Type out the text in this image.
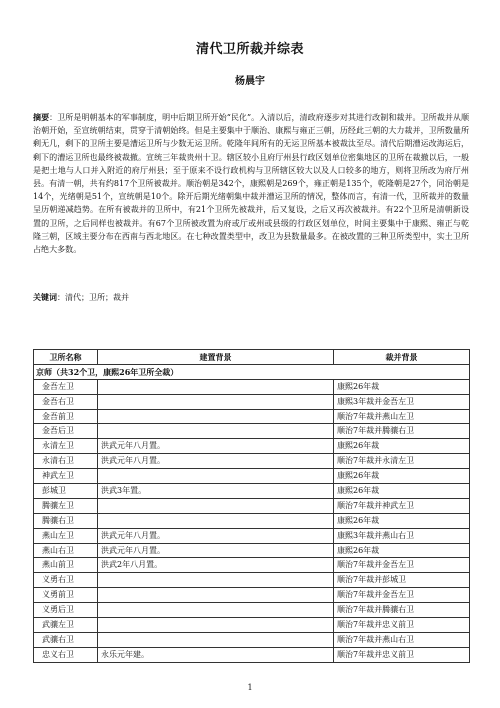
清代卫所裁并综表
杨晨宇

摘要：卫所是明朝基本的军事制度，明中后期卫所开始“民化”。入清以后，清政府逐步对其进行改制和裁并。卫所裁并从顺治朝开始，至宣统朝结束，贯穿于清朝始终。但是主要集中于顺治、康熙与雍正三朝，历经此三朝的大力裁并，卫所数量所剩无几，剩下的卫所主要是漕运卫所与少数无运卫所。乾隆年间所有的无运卫所基本被裁汰至尽。清代后期漕运改海运后，剩下的漕运卫所也最终被裁撤。宣统三年裁贵州十卫。辖区较小且府厅州县行政区划单位密集地区的卫所在裁撤以后，一般是把土地与人口并入附近的府厅州县；至于原来不设行政机构与卫所辖区较大以及人口较多的地方，则将卫所改为府厅州县。有清一朝，共有约817个卫所被裁并。顺治朝是342个，康熙朝是269个，雍正朝是135个，乾隆朝是27个，同治朝是14个，光绪朝是51个，宣统朝是10个。除开后期光绪朝集中裁并漕运卫所的情况，整体而言，有清一代，卫所裁并的数量呈历朝递减趋势。在所有被裁并的卫所中，有21个卫所先被裁并，后又复设，之后又再次被裁并。有22个卫所是清朝新设置的卫所，之后同样也被裁并。有67个卫所被改置为府或厅或州或县级的行政区划单位，时间主要集中于康熙、雍正与乾隆三朝，区域主要分布在西南与西北地区。在七种改置类型中，改卫为县数量最多。在被改置的三种卫所类型中，实土卫所占绝大多数。

关键词：清代；卫所；裁并

卫所名称	建置背景	裁并背景
京师（共32个卫，康熙26年卫所全裁）		
金吾左卫		康熙26年裁
金吾右卫		康熙3年裁并金吾左卫
金吾前卫		顺治7年裁并燕山左卫
金吾后卫		顺治7年裁并腾骧右卫
永清左卫	洪武元年八月置。	康熙26年裁
永清右卫	洪武元年八月置。	顺治7年裁并永清左卫
神武左卫		康熙26年裁
彭城卫	洪武3年置。	康熙26年裁
腾骧左卫		顺治7年裁并神武左卫
腾骧右卫		康熙26年裁
燕山左卫	洪武元年八月置。	康熙3年裁并燕山右卫
燕山右卫	洪武元年八月置。	康熙26年裁
燕山前卫	洪武2年八月置。	顺治7年裁并金吾左卫
义勇右卫		顺治7年裁并彭城卫
义勇前卫		顺治7年裁并金吾左卫
义勇后卫		顺治7年裁并腾骧右卫
武骧左卫		顺治7年裁并忠义前卫
武骧右卫		顺治7年裁并燕山右卫
忠义右卫	永乐元年建。	顺治7年裁并忠义前卫
1
